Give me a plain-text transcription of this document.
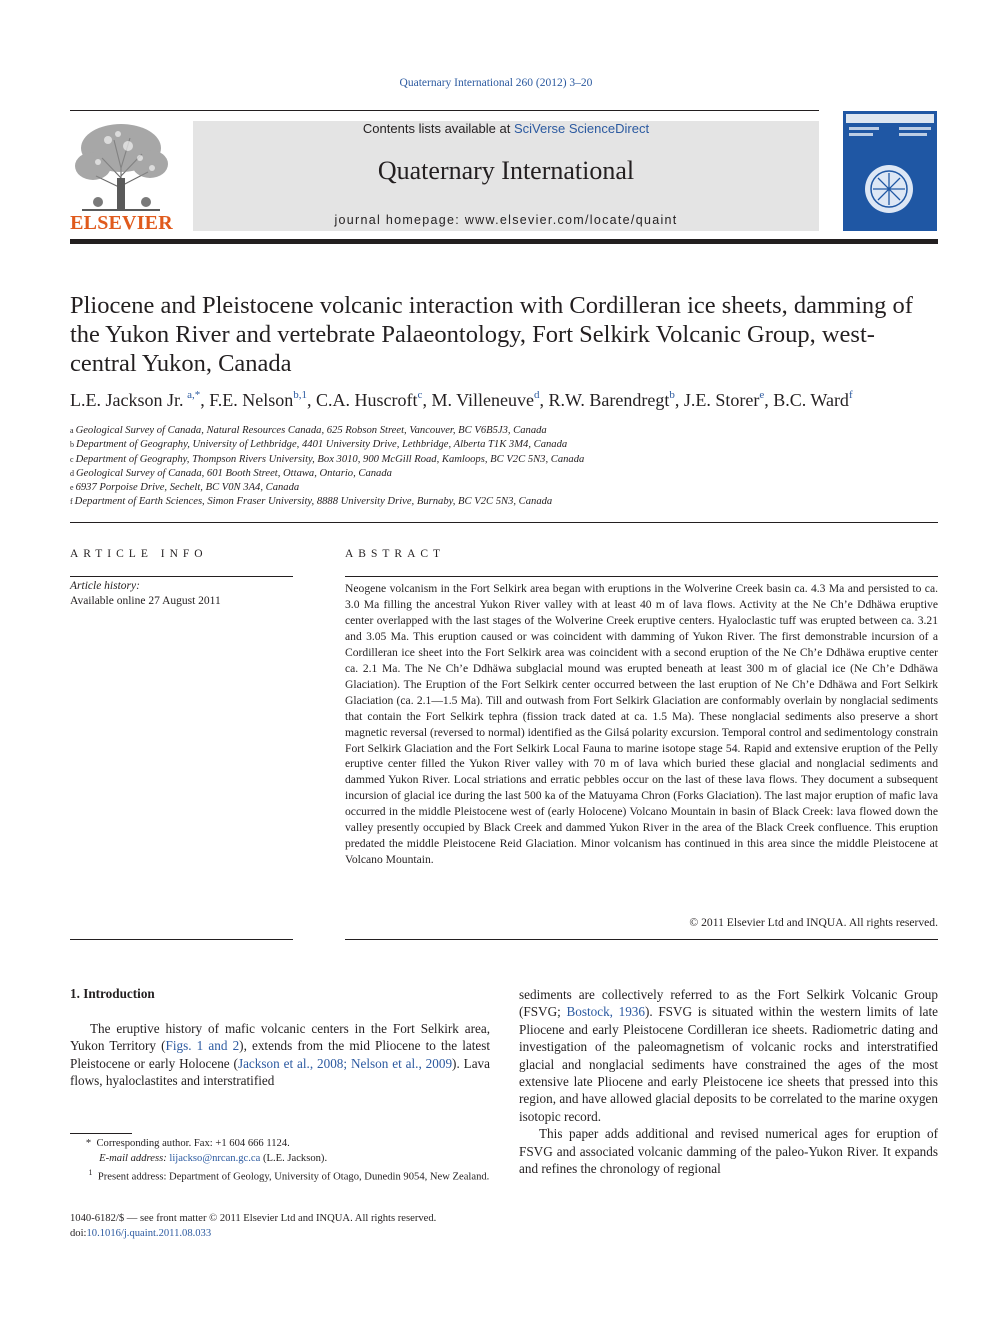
Quaternary International 260 (2012) 3–20
ELSEVIER
Contents lists available at SciVerse ScienceDirect
Quaternary International
journal homepage: www.elsevier.com/locate/quaint
Pliocene and Pleistocene volcanic interaction with Cordilleran ice sheets, damming of the Yukon River and vertebrate Palaeontology, Fort Selkirk Volcanic Group, west-central Yukon, Canada
L.E. Jackson Jr.  $^{a,*}$, F.E. Nelson$^{b,1}$, C.A. Huscroft$^c$, M. Villeneuve$^d$, R.W. Barendregt$^b$, J.E. Storer$^e$, B.C. Ward$^f$
$^a$ Geological Survey of Canada, Natural Resources Canada, 625 Robson Street, Vancouver, BC V6B5J3, Canada
$^b$ Department of Geography, University of Lethbridge, 4401 University Drive, Lethbridge, Alberta T1K 3M4, Canada
$^c$ Department of Geography, Thompson Rivers University, Box 3010, 900 McGill Road, Kamloops, BC V2C 5N3, Canada
$^d$ Geological Survey of Canada, 601 Booth Street, Ottawa, Ontario, Canada
$^e$ 6937 Porpoise Drive, Sechelt, BC V0N 3A4, Canada
$^f$ Department of Earth Sciences, Simon Fraser University, 8888 University Drive, Burnaby, BC V2C 5N3, Canada
ARTICLE INFO	ABSTRACT
Article history:
Available online 27 August 2011
Neogene volcanism in the Fort Selkirk area began with eruptions in the Wolverine Creek basin ca. 4.3 Ma and persisted to ca. 3.0 Ma filling the ancestral Yukon River valley with at least 40 m of lava flows. Activity at the Ne Ch’e Ddhäwa eruptive center overlapped with the last stages of the Wolverine Creek eruptive centers. Hyaloclastic tuff was erupted between ca. 3.21 and 3.05 Ma. This eruption caused or was coincident with damming of Yukon River. The first demonstrable incursion of a Cordilleran ice sheet into the Fort Selkirk area was coincident with a second eruption of the Ne Ch’e Ddhäwa eruptive center ca. 2.1 Ma. The Ne Ch’e Ddhäwa subglacial mound was erupted beneath at least 300 m of glacial ice (Ne Ch’e Ddhäwa Glaciation). The Eruption of the Fort Selkirk center occurred between the last eruption of Ne Ch’e Ddhäwa and Fort Selkirk Glaciation (ca. 2.1—1.5 Ma). Till and outwash from Fort Selkirk Glaciation are conformably overlain by nonglacial sediments that contain the Fort Selkirk tephra (fission track dated at ca. 1.5 Ma). These nonglacial sediments also preserve a short magnetic reversal (reversed to normal) identified as the Gilsá polarity excursion. Temporal control and sedimentology constrain Fort Selkirk Glaciation and the Fort Selkirk Local Fauna to marine isotope stage 54. Rapid and extensive eruption of the Pelly eruptive center filled the Yukon River valley with 70 m of lava which buried these glacial and nonglacial sediments and dammed Yukon River. Local striations and erratic pebbles occur on the last of these lava flows. They document a subsequent incursion of glacial ice during the last 500 ka of the Matuyama Chron (Forks Glaciation). The last major eruption of mafic lava occurred in the middle Pleistocene west of (early Holocene) Volcano Mountain in basin of Black Creek: lava flowed down the valley presently occupied by Black Creek and dammed Yukon River in the area of the Black Creek confluence. This eruption predated the middle Pleistocene Reid Glaciation. Minor volcanism has continued in this area since the middle Pleistocene at Volcano Mountain.
© 2011 Elsevier Ltd and INQUA. All rights reserved.
1. Introduction
The eruptive history of mafic volcanic centers in the Fort Selkirk area, Yukon Territory (Figs. 1 and 2), extends from the mid Pliocene to the latest Pleistocene or early Holocene (Jackson et al., 2008; Nelson et al., 2009). Lava flows, hyaloclastites and interstratified

sediments are collectively referred to as the Fort Selkirk Volcanic Group (FSVG; Bostock, 1936). FSVG is situated within the western limits of late Pliocene and early Pleistocene Cordilleran ice sheets. Radiometric dating and investigation of the paleomagnetism of volcanic rocks and interstratified glacial and nonglacial sediments have constrained the ages of the most extensive late Pliocene and early Pleistocene ice sheets that pressed into this region, and have allowed glacial deposits to be correlated to the marine oxygen isotopic record.

This paper adds additional and revised numerical ages for eruption of FSVG and associated volcanic damming of the paleo-Yukon River. It expands and refines the chronology of regional

*  Corresponding author. Fax: +1 604 666 1124.
E-mail address: lijackso@nrcan.gc.ca (L.E. Jackson).
$^1$ Present address: Department of Geology, University of Otago, Dunedin 9054, New Zealand.
1040-6182/$ — see front matter © 2011 Elsevier Ltd and INQUA. All rights reserved.
doi:10.1016/j.quaint.2011.08.033
